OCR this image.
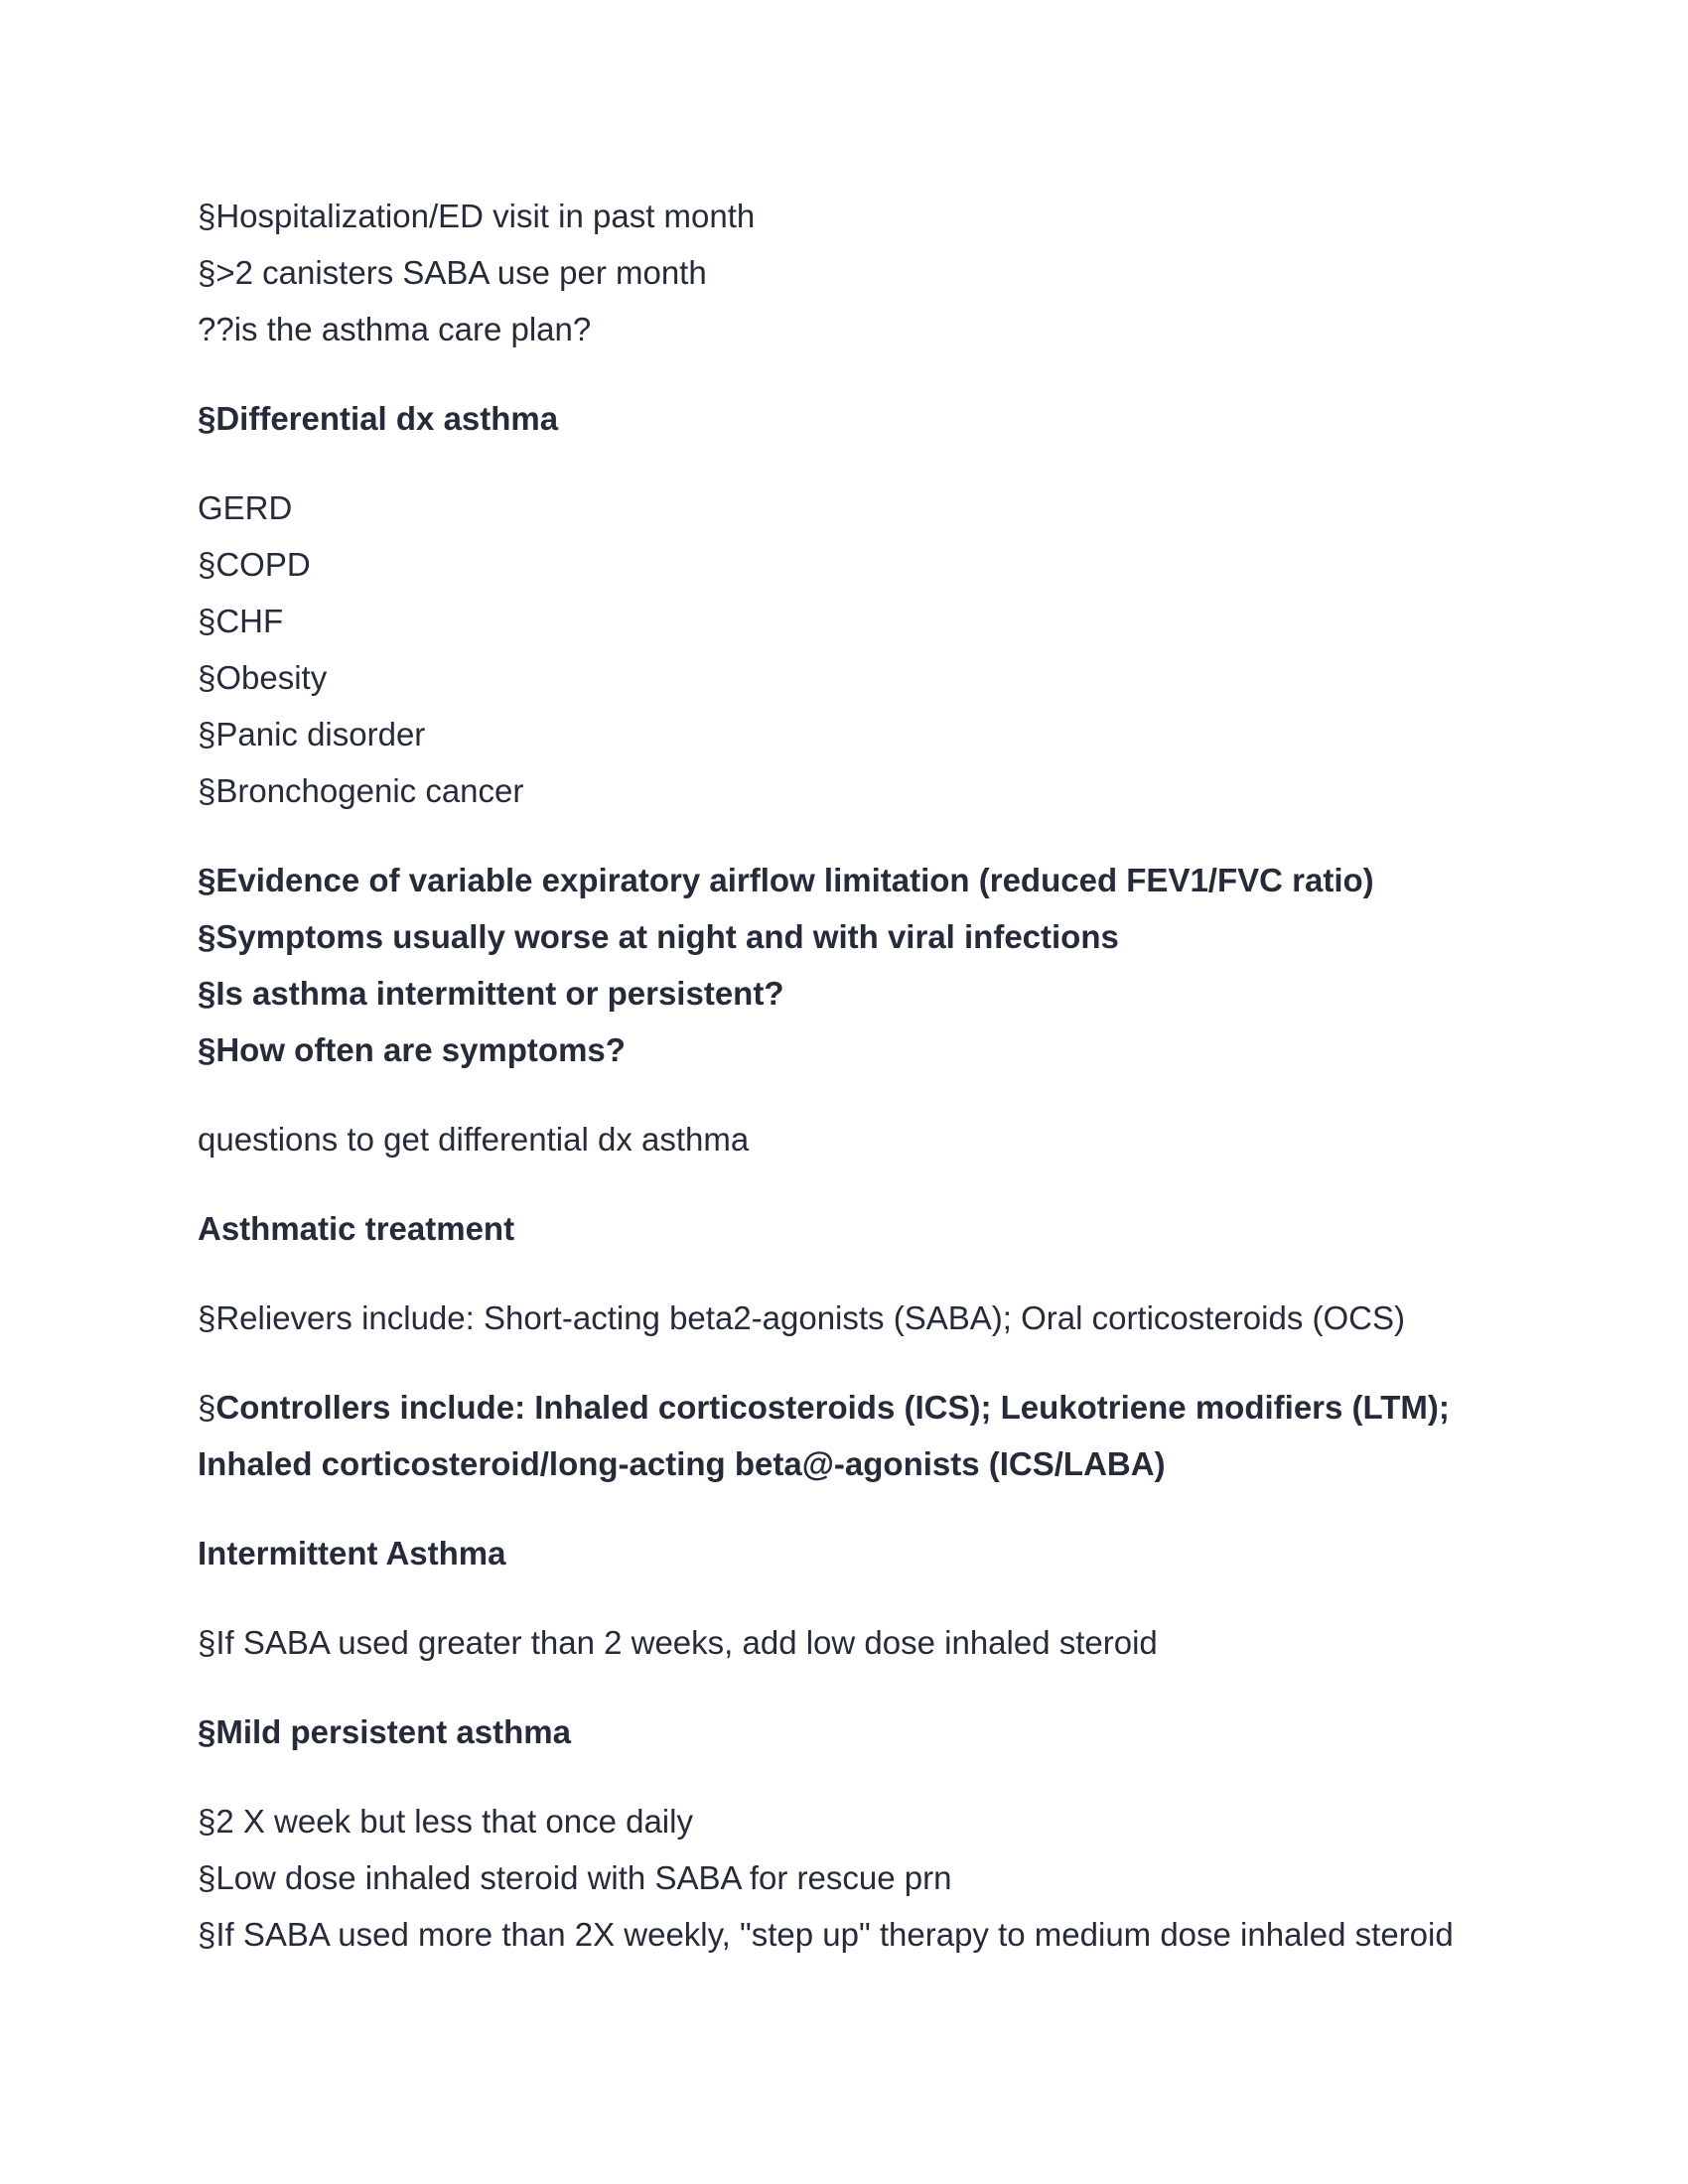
§Hospitalization/ED visit in past month
§>2 canisters SABA use per month
??is the asthma care plan?
§Differential dx asthma
GERD
§COPD
§CHF
§Obesity
§Panic disorder
§Bronchogenic cancer
§Evidence of variable expiratory airflow limitation (reduced FEV1/FVC ratio)
§Symptoms usually worse at night and with viral infections
§Is asthma intermittent or persistent?
§How often are symptoms?
questions to get differential dx asthma
Asthmatic treatment
§Relievers include: Short-acting beta2-agonists (SABA); Oral corticosteroids (OCS)
§Controllers include: Inhaled corticosteroids (ICS); Leukotriene modifiers (LTM);
Inhaled corticosteroid/long-acting beta@-agonists (ICS/LABA)
Intermittent Asthma
§If SABA used greater than 2 weeks, add low dose inhaled steroid
§Mild persistent asthma
§2 X week but less that once daily
§Low dose inhaled steroid with SABA for rescue prn
§If SABA used more than 2X weekly, "step up" therapy to medium dose inhaled steroid
